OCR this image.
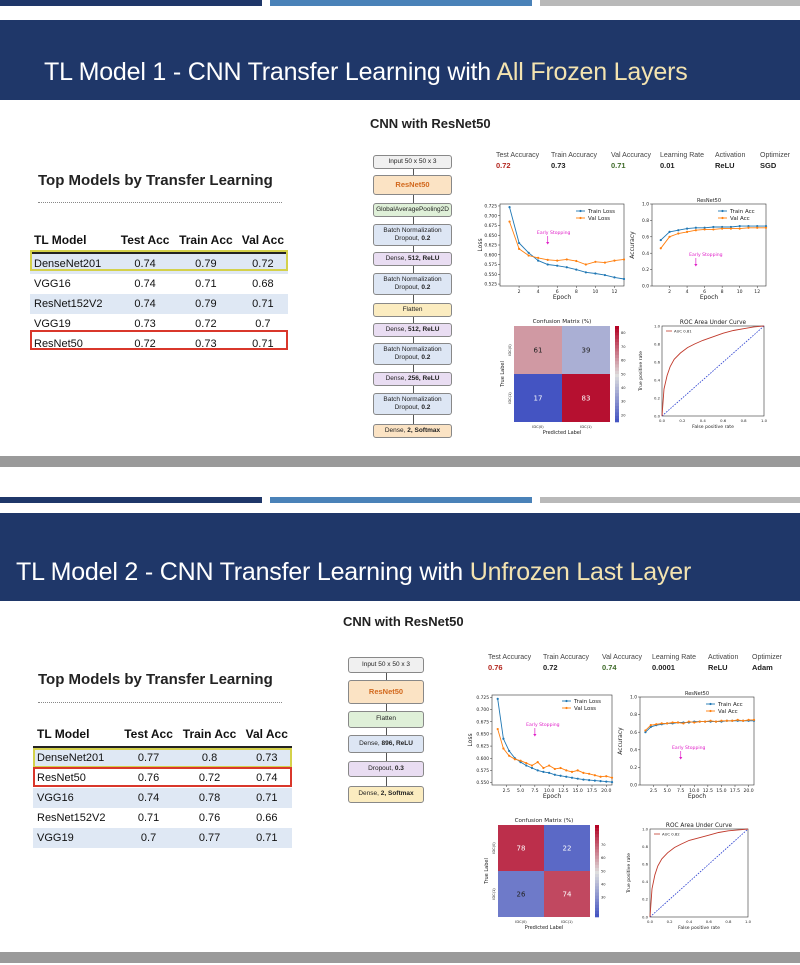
TL Model 1 - CNN Transfer Learning with All Frozen Layers
Top Models by Transfer Learning
TL Model	Test Acc	Train Acc	Val Acc
DenseNet201	0.74	0.79	0.72
VGG16	0.74	0.71	0.68
ResNet152V2	0.74	0.79	0.71
VGG19	0.73	0.72	0.7
ResNet50	0.72	0.73	0.71
CNN with ResNet50
Input 50 x 50 x 3
ResNet50
GlobalAveragePooling2D
Batch Normalization
Dropout, 0.2
Dense, 512, ReLU
Batch Normalization
Dropout, 0.2
Flatten
Dense, 512, ReLU
Batch Normalization
Dropout, 0.2
Dense, 256, ReLU
Batch Normalization
Dropout, 0.2
Dense, 2, Softmax
Test Accuracy
0.72
Train Accuracy
0.73
Val Accuracy
0.71
Learning Rate
0.01
Activation
ReLU
Optimizer
SGD
2	4	6	8	10	12
0.525
0.550
0.575
0.600
0.625
0.650
0.675
0.700
0.725
Epoch
Loss
Train Loss
Val Loss
Early Stopping
ResNet50
2	4	6	8	10	12
0.0
0.2
0.4
0.6
0.8
1.0
Epoch
Accuracy
Train Acc
Val Acc
Early Stopping
Confusion Matrix (%)
61	39
17	83
IDC(0)
IDC(0)
IDC(1)
IDC(1)
Predicted Label
True Label
20
30
40
50
60
70
80
ROC Area Under Curve
0.0
0.0
0.2
0.2
0.4
0.4
0.6
0.6
0.8
0.8
1.0
1.0
False positive rate
True positive rate
AUC 0.81
TL Model 2 - CNN Transfer Learning with Unfrozen Last Layer
Top Models by Transfer Learning
TL Model	Test Acc	Train Acc	Val Acc
DenseNet201	0.77	0.8	0.73
ResNet50	0.76	0.72	0.74
VGG16	0.74	0.78	0.71
ResNet152V2	0.71	0.76	0.66
VGG19	0.7	0.77	0.71
CNN with ResNet50
Input 50 x 50 x 3
ResNet50
Flatten
Dense, 896, ReLU
Dropout, 0.3
Dense, 2, Softmax
Test Accuracy
0.76
Train Accuracy
0.72
Val Accuracy
0.74
Learning Rate
0.0001
Activation
ReLU
Optimizer
Adam
2.5 5.0 7.5 10.0 12.5 15.0 17.5 20.0
0.550
0.575
0.600
0.625
0.650
0.675
0.700
0.725
Epoch
Loss
Train Loss
Val Loss
Early Stopping
ResNet50
2.5 5.0 7.5 10.0 12.5 15.0 17.5 20.0
0.0
0.2
0.4
0.6
0.8
1.0
Epoch
Accuracy
Train Acc
Val Acc
Early Stopping
Confusion Matrix (%)
78	22
26	74
IDC(0)
IDC(0)
IDC(1)
IDC(1)
Predicted Label
True Label
30
40
50
60
70
ROC Area Under Curve
0.0
0.0
0.2
0.2
0.4
0.4
0.6
0.6
0.8
0.8
1.0
1.0
False positive rate
True positive rate
AUC 0.82
